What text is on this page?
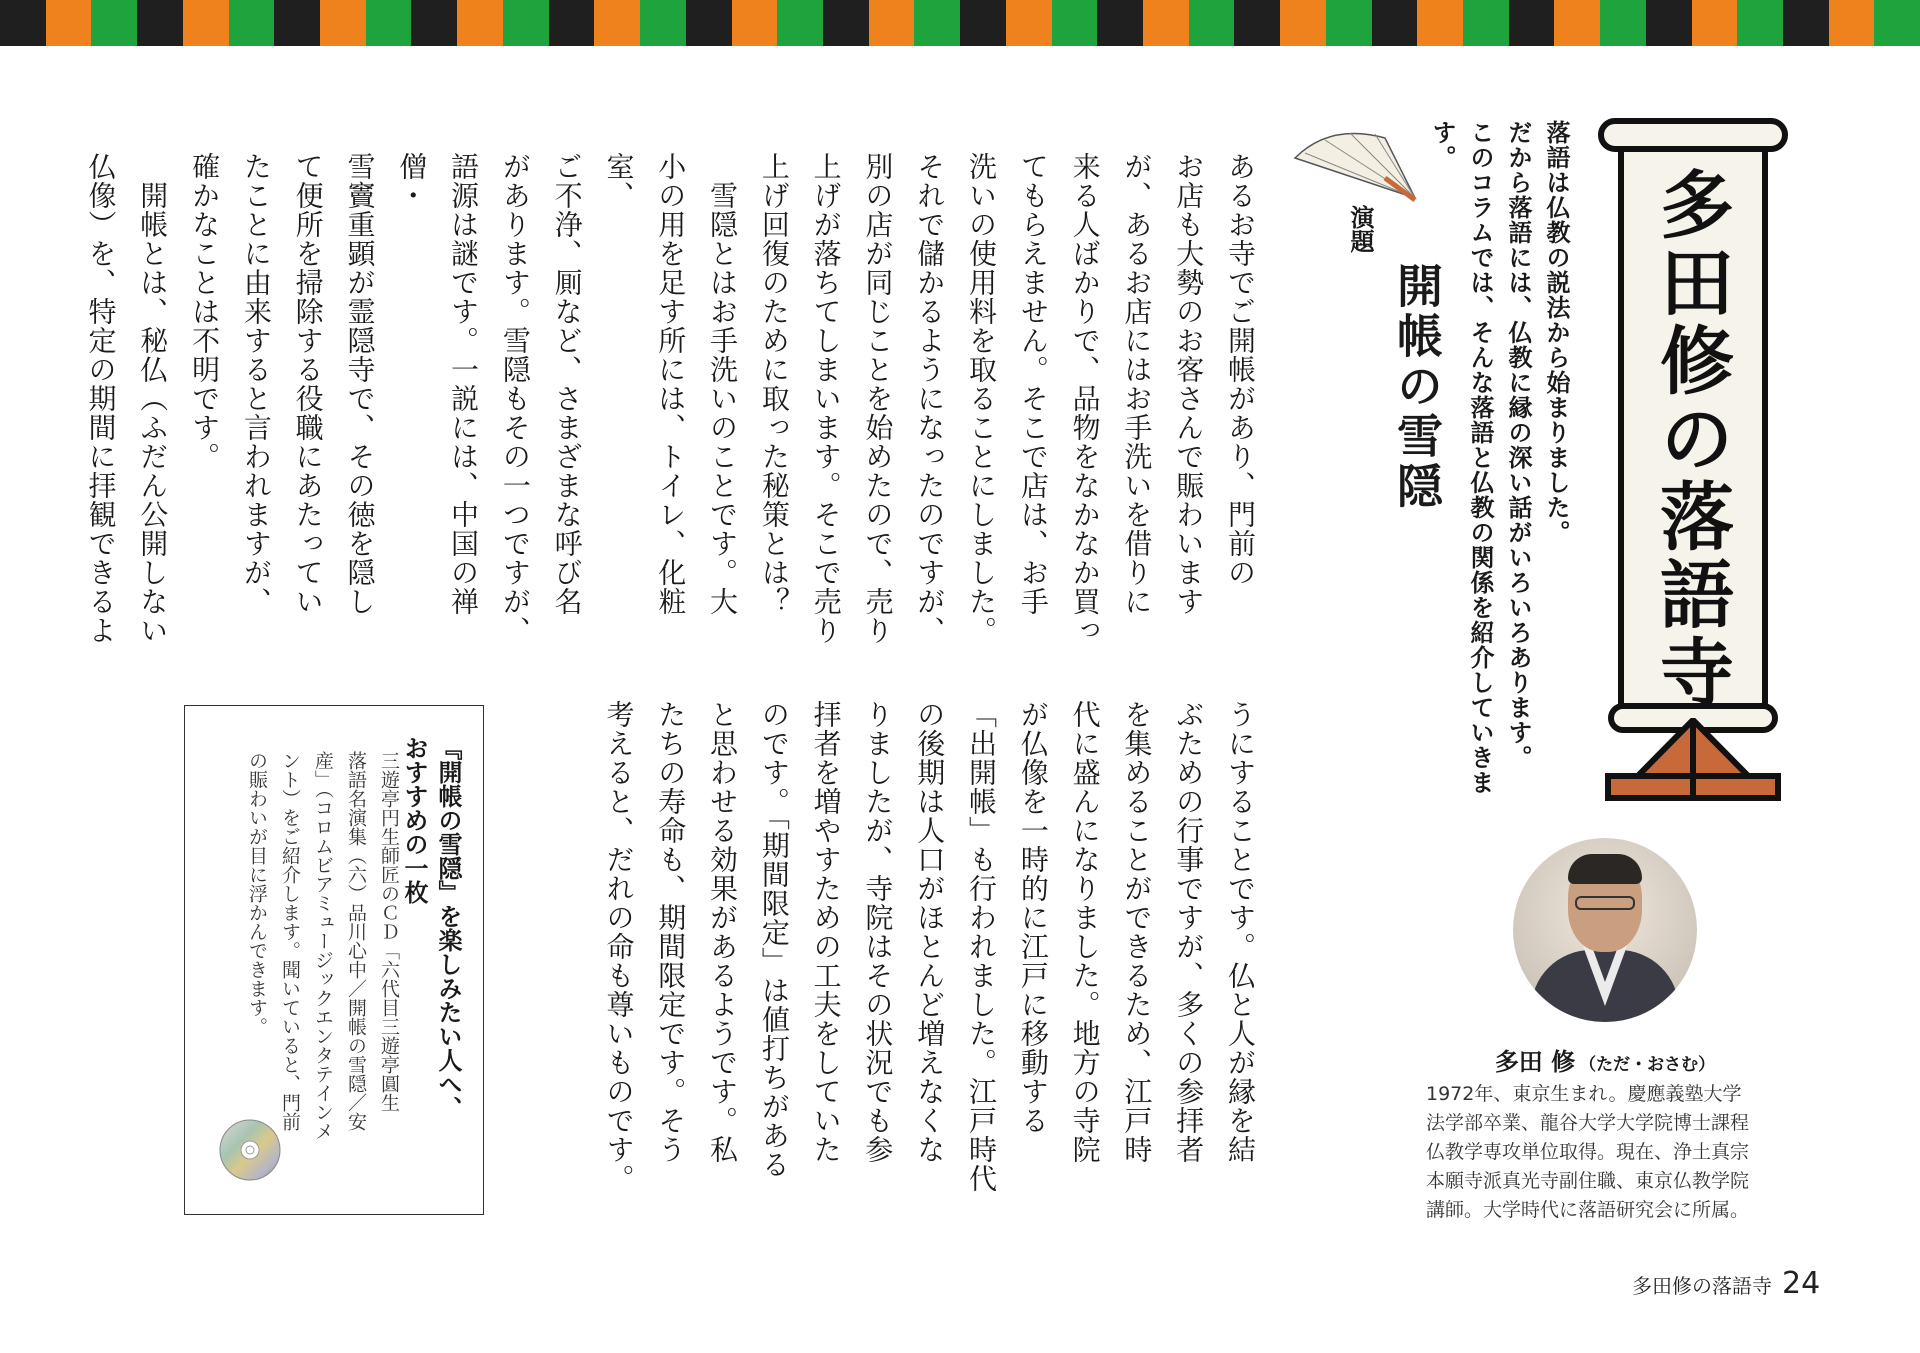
落語は仏教の説法から始まりました。
だから落語には、仏教に縁の深い話がいろいろあります。
このコラムでは、そんな落語と仏教の関係を紹介していきます。
多田修の落語寺
演題
開帳の雪隠
あるお寺でご開帳があり、門前の
お店も大勢のお客さんで賑わいます
が、あるお店にはお手洗いを借りに
来る人ばかりで、品物をなかなか買っ
てもらえません。そこで店は、お手
洗いの使用料を取ることにしました。
それで儲かるようになったのですが、
別の店が同じことを始めたので、売り
上げが落ちてしまいます。そこで売り
上げ回復のために取った秘策とは？
　雪隠とはお手洗いのことです。大
小の用を足す所には、トイレ、化粧室、
ご不浄、厠など、さまざまな呼び名
があります。雪隠もその一つですが、
語源は謎です。一説には、中国の禅僧・
雪竇重顕が霊隠寺で、その徳を隠し
て便所を掃除する役職にあたってい
たことに由来すると言われますが、
確かなことは不明です。
　開帳とは、秘仏（ふだん公開しない
仏像）を、特定の期間に拝観できるよ
うにすることです。仏と人が縁を結
ぶための行事ですが、多くの参拝者
を集めることができるため、江戸時
代に盛んになりました。地方の寺院
が仏像を一時的に江戸に移動する
「出開帳」も行われました。江戸時代
の後期は人口がほとんど増えなくな
りましたが、寺院はその状況でも参
拝者を増やすための工夫をしていた
のです。「期間限定」は値打ちがある
と思わせる効果があるようです。私
たちの寿命も、期間限定です。そう
考えると、だれの命も尊いものです。	多田 修 （ただ・おさむ）
1972年、東京生まれ。慶應義塾大学
法学部卒業、龍谷大学大学院博士課程
仏教学専攻単位取得。現在、浄土真宗
本願寺派真光寺副住職、東京仏教学院
講師。大学時代に落語研究会に所属。
『開帳の雪隠』を楽しみたい人へ、
おすすめの一枚
三遊亭円生師匠のＣＤ「六代目三遊亭圓生
落語名演集（六）品川心中／開帳の雪隠／安
産」（コロムビアミュージックエンタテインメ
ント）をご紹介します。聞いていると、門前
の賑わいが目に浮かんできます。
多田修の落語寺 24
